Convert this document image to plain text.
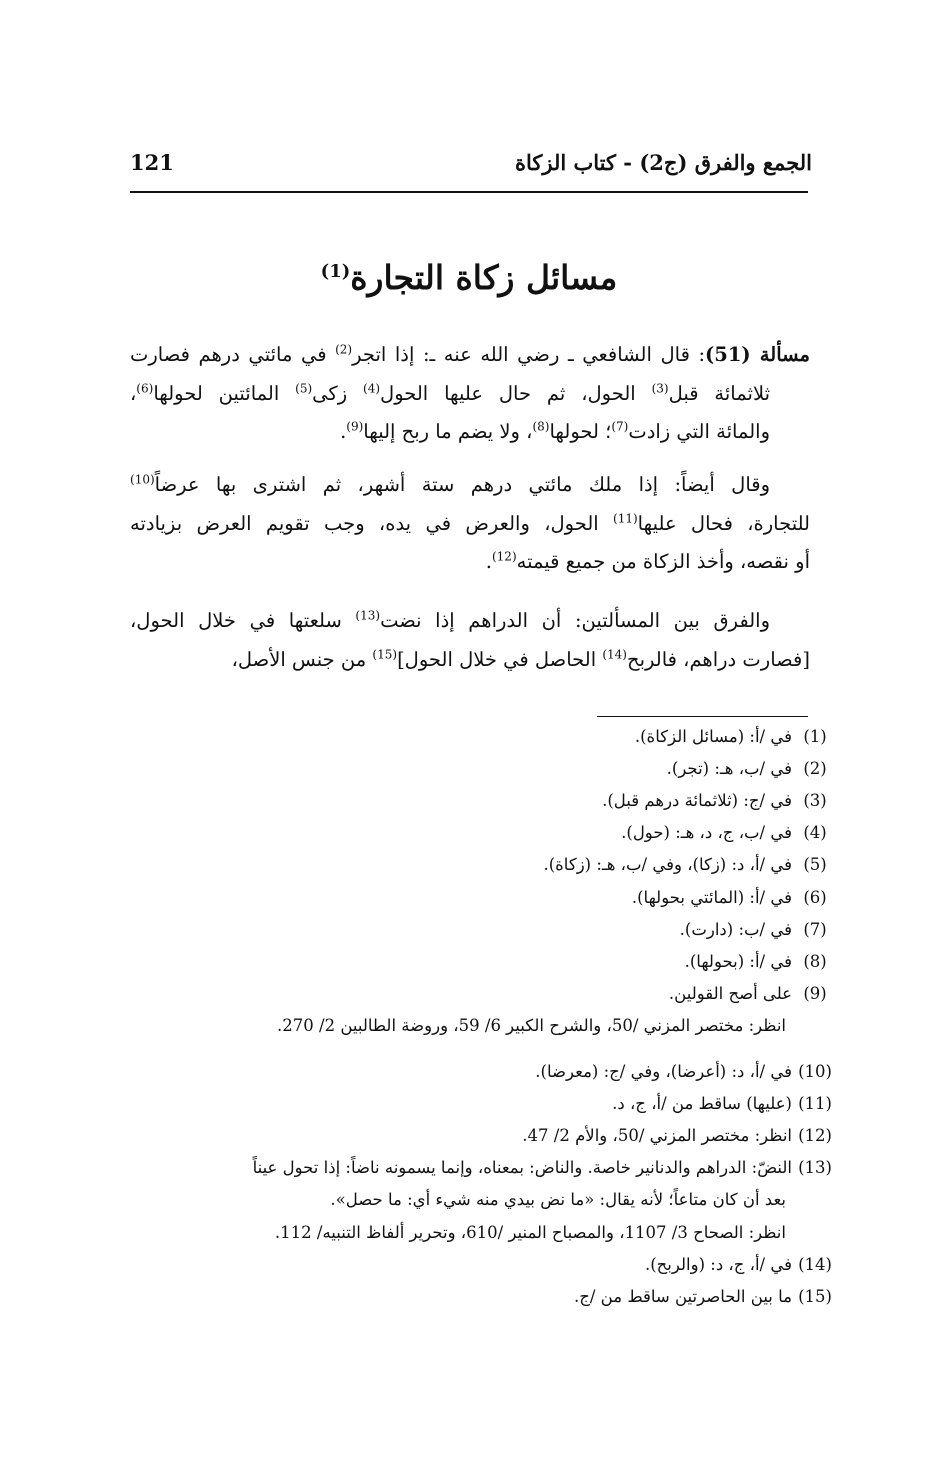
الجمع والفرق (ج2) - كتاب الزكاة
121
مسائل زكاة التجارة$^{(1)}$
مسألة (51): قال الشافعي ـ رضي الله عنه ـ: إذا اتجر$^{(2)}$ في مائتي درهم فصارت
ثلاثمائة قبل$^{(3)}$ الحول، ثم حال عليها الحول$^{(4)}$ زكى$^{(5)}$ المائتين لحولها$^{(6)}$،
والمائة التي زادت$^{(7)}$؛ لحولها$^{(8)}$، ولا يضم ما ربح إليها$^{(9)}$.
وقال أيضاً: إذا ملك مائتي درهم ستة أشهر، ثم اشترى بها عرضاً$^{(10)}$
للتجارة، فحال عليها$^{(11)}$ الحول، والعرض في يده، وجب تقويم العرض بزيادته
أو نقصه، وأخذ الزكاة من جميع قيمته$^{(12)}$.
والفرق بين المسألتين: أن الدراهم إذا نضت$^{(13)}$ سلعتها في خلال الحول،
[فصارت دراهم، فالربح$^{(14)}$ الحاصل في خلال الحول]$^{(15)}$ من جنس الأصل،
(1)في /أ: (مسائل الزكاة).
(2)في /ب، هـ: (تجر).
(3)في /ج: (ثلاثمائة درهم قبل).
(4)في /ب، ج، د، هـ: (حول).
(5)في /أ، د: (زكا)، وفي /ب، هـ: (زكاة).
(6)في /أ: (المائتي بحولها).
(7)في /ب: (دارت).
(8)في /أ: (بحولها).
(9)على أصح القولين.
انظر: مختصر المزني /50، والشرح الكبير 6/ 59، وروضة الطالبين 2/ 270.
(10)في /أ، د: (أعرضا)، وفي /ج: (معرضا).
(11)(عليها) ساقط من /أ، ج، د.
(12)انظر: مختصر المزني /50، والأم 2/ 47.
(13)النضّ: الدراهم والدنانير خاصة. والناض: بمعناه، وإنما يسمونه ناضاً: إذا تحول عيناً
بعد أن كان متاعاً؛ لأنه يقال: «ما نض بيدي منه شيء أي: ما حصل».
انظر: الصحاح 3/ 1107، والمصباح المنير /610، وتحرير ألفاظ التنبيه/ 112.
(14)في /أ، ج، د: (والربح).
(15)ما بين الحاصرتين ساقط من /ج.
